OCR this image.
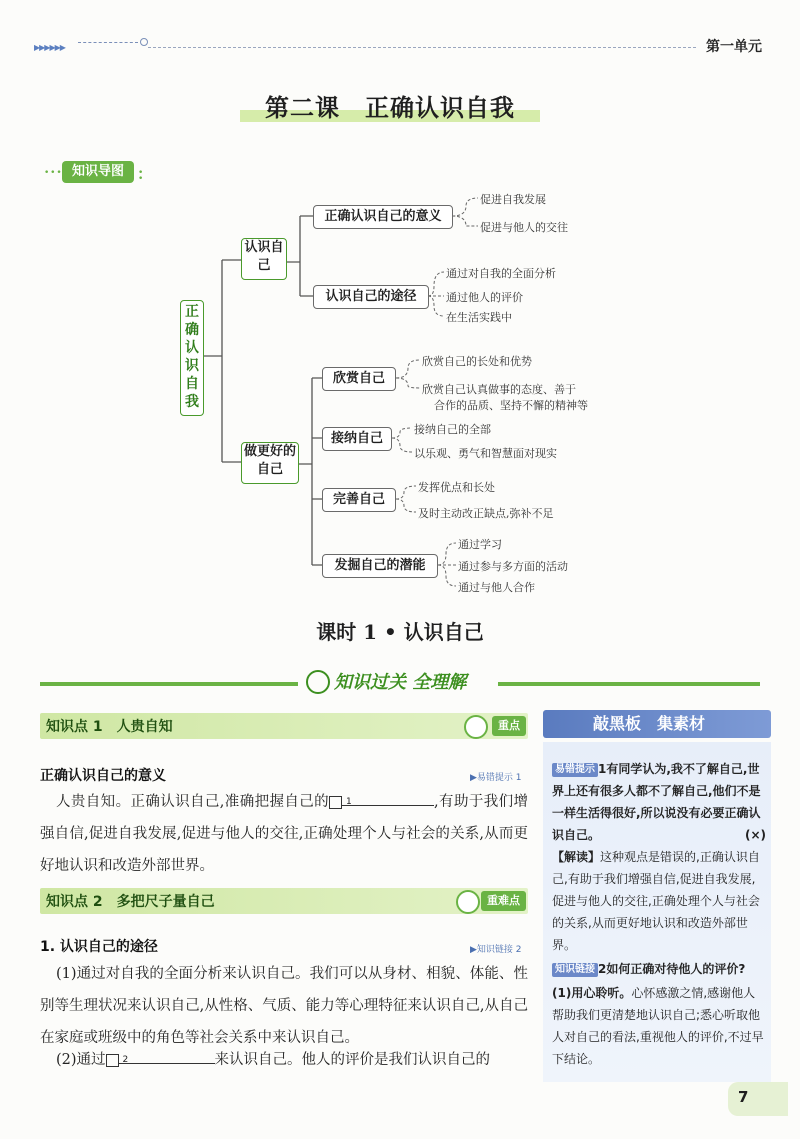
▶▶▶▶▶▶	第一单元
第二课　正确认识自我
• • • 知识导图	• •
正确认识自我
认识自己
做更好的自己
正确认识自己的意义
认识自己的途径
欣赏自己
接纳自己
完善自己
发掘自己的潜能
促进自我发展
促进与他人的交往
通过对自我的全面分析
通过他人的评价
在生活实践中
欣赏自己的长处和优势
欣赏自己认真做事的态度、善于
合作的品质、坚持不懈的精神等
接纳自己的全部
以乐观、勇气和智慧面对现实
发挥优点和长处
及时主动改正缺点,弥补不足
通过学习
通过参与多方面的活动
通过与他人合作
课时 1 • 认识自己
知识过关 全理解
知识点 1　人贵自知	重点
正确认识自己的意义	▶易错提示 1
人贵自知。正确认识自己,准确把握自己的 1	,有助于我们增强自信,促进自我发展,促进与他人的交往,正确处理个人与社会的关系,从而更好地认识和改造外部世界。
知识点 2　多把尺子量自己	重难点
1. 认识自己的途径	▶知识链接 2
(1)通过对自我的全面分析来认识自己。我们可以从身材、相貌、体能、性别等生理状况来认识自己,从性格、气质、能力等心理特征来认识自己,从自己在家庭或班级中的角色等社会关系中来认识自己。
(2)通过 2	来认识自己。他人的评价是我们认识自己的
敲黑板　集素材
易错提示 1有同学认为,我不了解自己,世界上还有很多人都不了解自己,他们不是一样生活得很好,所以说没有必要正确认识自己。	(×)
【解读】这种观点是错误的,正确认识自己,有助于我们增强自信,促进自我发展,促进与他人的交往,正确处理个人与社会的关系,从而更好地认识和改造外部世界。
知识链接 2如何正确对待他人的评价?
(1)用心聆听。心怀感激之情,感谢他人帮助我们更清楚地认识自己;悉心听取他人对自己的看法,重视他人的评价,不过早下结论。
7
